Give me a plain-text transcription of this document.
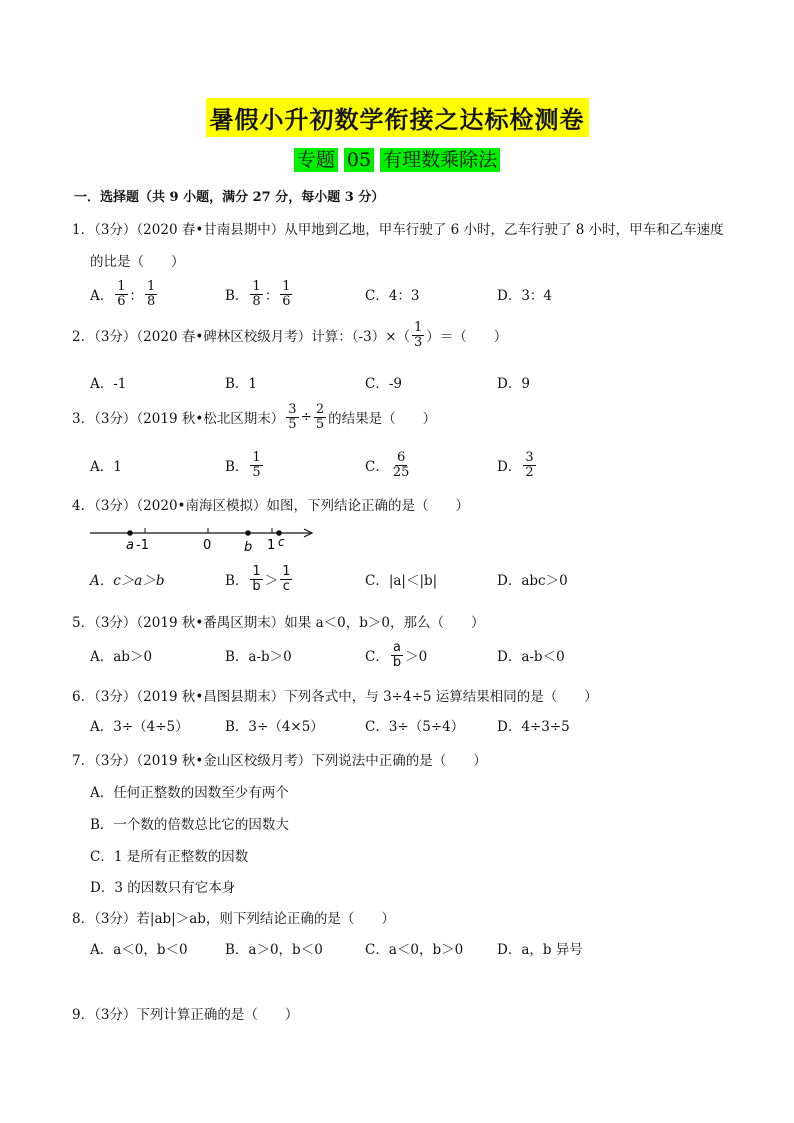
暑假小升初数学衔接之达标检测卷
专题 05 有理数乘除法
一．选择题（共 9 小题，满分 27 分，每小题 3 分）
1．（3分）（2020 春•甘南县期中）从甲地到乙地，甲车行驶了 6 小时，乙车行驶了 8 小时，甲车和乙车速度
的比是（　　）
A． $\frac{1}{6}$ ： $\frac{1}{8}$	B． $\frac{1}{8}$ ： $\frac{1}{6}$	C．4：3	D．3：4
2．（3分）（2020 春•碑林区校级月考）计算：$(-3)\times( \frac{1}{3}$ ）＝（　　）
A．-1	B．1	C．-9	D．9
3．（3分）（2019 秋•松北区期末） $\frac{3}{5} \div \frac{2}{5}$ 的结果是（　　）
A．1	B． $\frac{1}{5}$	C． $\frac{6}{25}$	D． $\frac{3}{2}$
4．（3分）（2020•南海区模拟）如图，下列结论正确的是（　　）
a -1	0	b 1 c
A．c＞a＞b	B． $\frac{1}{b} > \frac{1}{c}$	C．|a|＜|b|	D．abc＞0
5．（3分）（2019 秋•番禺区期末）如果 a＜0，b＞0，那么（　　）
A．ab＞0	B．a-b＞0	C． $\frac{a}{b} >0$	D．a-b＜0
6．（3分）（2019 秋•昌图县期末）下列各式中，与 3÷4÷5 运算结果相同的是（　　）
A．3÷（4÷5）	B．3÷（4×5）	C．3÷（5÷4） D．4÷3÷5
7．（3分）（2019 秋•金山区校级月考）下列说法中正确的是（　　）
A．任何正整数的因数至少有两个
B．一个数的倍数总比它的因数大
C．1 是所有正整数的因数
D．3 的因数只有它本身
8．（3分）若|ab|＞ab，则下列结论正确的是（　　）
A．a＜0，b＜0	B．a＞0，b＜0	C．a＜0，b＞0	D．a，b 异号
9．（3分）下列计算正确的是（　　）
